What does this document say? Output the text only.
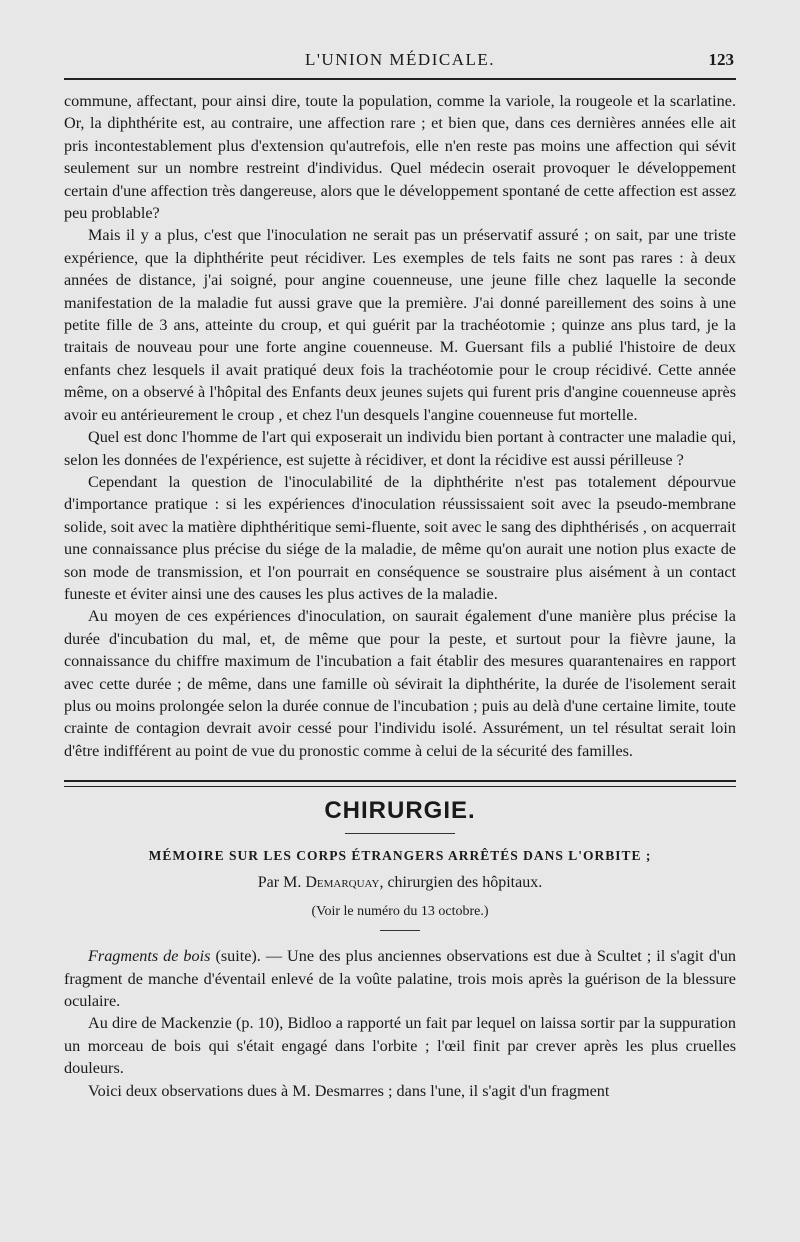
L'UNION MÉDICALE.	123

commune, affectant, pour ainsi dire, toute la population, comme la variole, la rougeole et la scarlatine. Or, la diphthérite est, au contraire, une affection rare ; et bien que, dans ces dernières années elle ait pris incontestablement plus d'extension qu'autrefois, elle n'en reste pas moins une affection qui sévit seulement sur un nombre restreint d'individus. Quel médecin oserait provoquer le développement certain d'une affection très dangereuse, alors que le développement spontané de cette affection est assez peu problable?

Mais il y a plus, c'est que l'inoculation ne serait pas un préservatif assuré ; on sait, par une triste expérience, que la diphthérite peut récidiver. Les exemples de tels faits ne sont pas rares : à deux années de distance, j'ai soigné, pour angine couenneuse, une jeune fille chez laquelle la seconde manifestation de la maladie fut aussi grave que la première. J'ai donné pareillement des soins à une petite fille de 3 ans, atteinte du croup, et qui guérit par la trachéotomie ; quinze ans plus tard, je la traitais de nouveau pour une forte angine couenneuse. M. Guersant fils a publié l'histoire de deux enfants chez lesquels il avait pratiqué deux fois la trachéotomie pour le croup récidivé. Cette année même, on a observé à l'hôpital des Enfants deux jeunes sujets qui furent pris d'angine couenneuse après avoir eu antérieurement le croup , et chez l'un desquels l'angine couenneuse fut mortelle.

Quel est donc l'homme de l'art qui exposerait un individu bien portant à contracter une maladie qui, selon les données de l'expérience, est sujette à récidiver, et dont la récidive est aussi périlleuse ?

Cependant la question de l'inoculabilité de la diphthérite n'est pas totalement dépourvue d'importance pratique : si les expériences d'inoculation réussissaient soit avec la pseudo-membrane solide, soit avec la matière diphthéritique semi-fluente, soit avec le sang des diphthérisés , on acquerrait une connaissance plus précise du siége de la maladie, de même qu'on aurait une notion plus exacte de son mode de transmission, et l'on pourrait en conséquence se soustraire plus aisément à un contact funeste et éviter ainsi une des causes les plus actives de la maladie.

Au moyen de ces expériences d'inoculation, on saurait également d'une manière plus précise la durée d'incubation du mal, et, de même que pour la peste, et surtout pour la fièvre jaune, la connaissance du chiffre maximum de l'incubation a fait établir des mesures quarantenaires en rapport avec cette durée ; de même, dans une famille où sévirait la diphthérite, la durée de l'isolement serait plus ou moins prolongée selon la durée connue de l'incubation ; puis au delà d'une certaine limite, toute crainte de contagion devrait avoir cessé pour l'individu isolé. Assurément, un tel résultat serait loin d'être indifférent au point de vue du pronostic comme à celui de la sécurité des familles.

CHIRURGIE.
MÉMOIRE SUR LES CORPS ÉTRANGERS ARRÊTÉS DANS L'ORBITE ;
Par M. Demarquay, chirurgien des hôpitaux.
(Voir le numéro du 13 octobre.)

Fragments de bois (suite). — Une des plus anciennes observations est due à Scultet ; il s'agit d'un fragment de manche d'éventail enlevé de la voûte palatine, trois mois après la guérison de la blessure oculaire.

Au dire de Mackenzie (p. 10), Bidloo a rapporté un fait par lequel on laissa sortir par la suppuration un morceau de bois qui s'était engagé dans l'orbite ; l'œil finit par crever après les plus cruelles douleurs.

Voici deux observations dues à M. Desmarres ; dans l'une, il s'agit d'un fragment
